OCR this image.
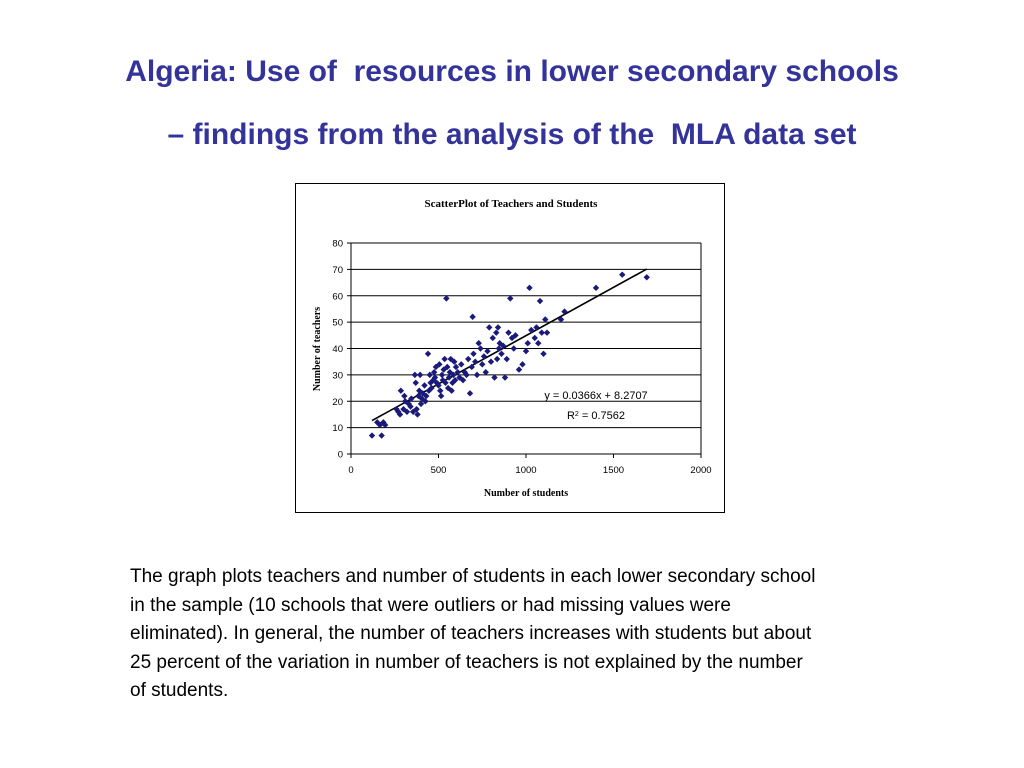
Algeria: Use of  resources in lower secondary schools
– findings from the analysis of the  MLA data set
ScatterPlot of Teachers and Students
0
10
20
30
40
50
60
70
80
0	500	1000	1500	2000
Number of students
Number of teachers
y = 0.0366x + 8.2707
$R^2 = 0.7562$
The graph plots teachers and number of students in each lower secondary school
in the sample (10 schools that were outliers or had missing values were
eliminated). In general, the number of teachers increases with students but about
25 percent of the variation in number of teachers is not explained by the number
of students.
